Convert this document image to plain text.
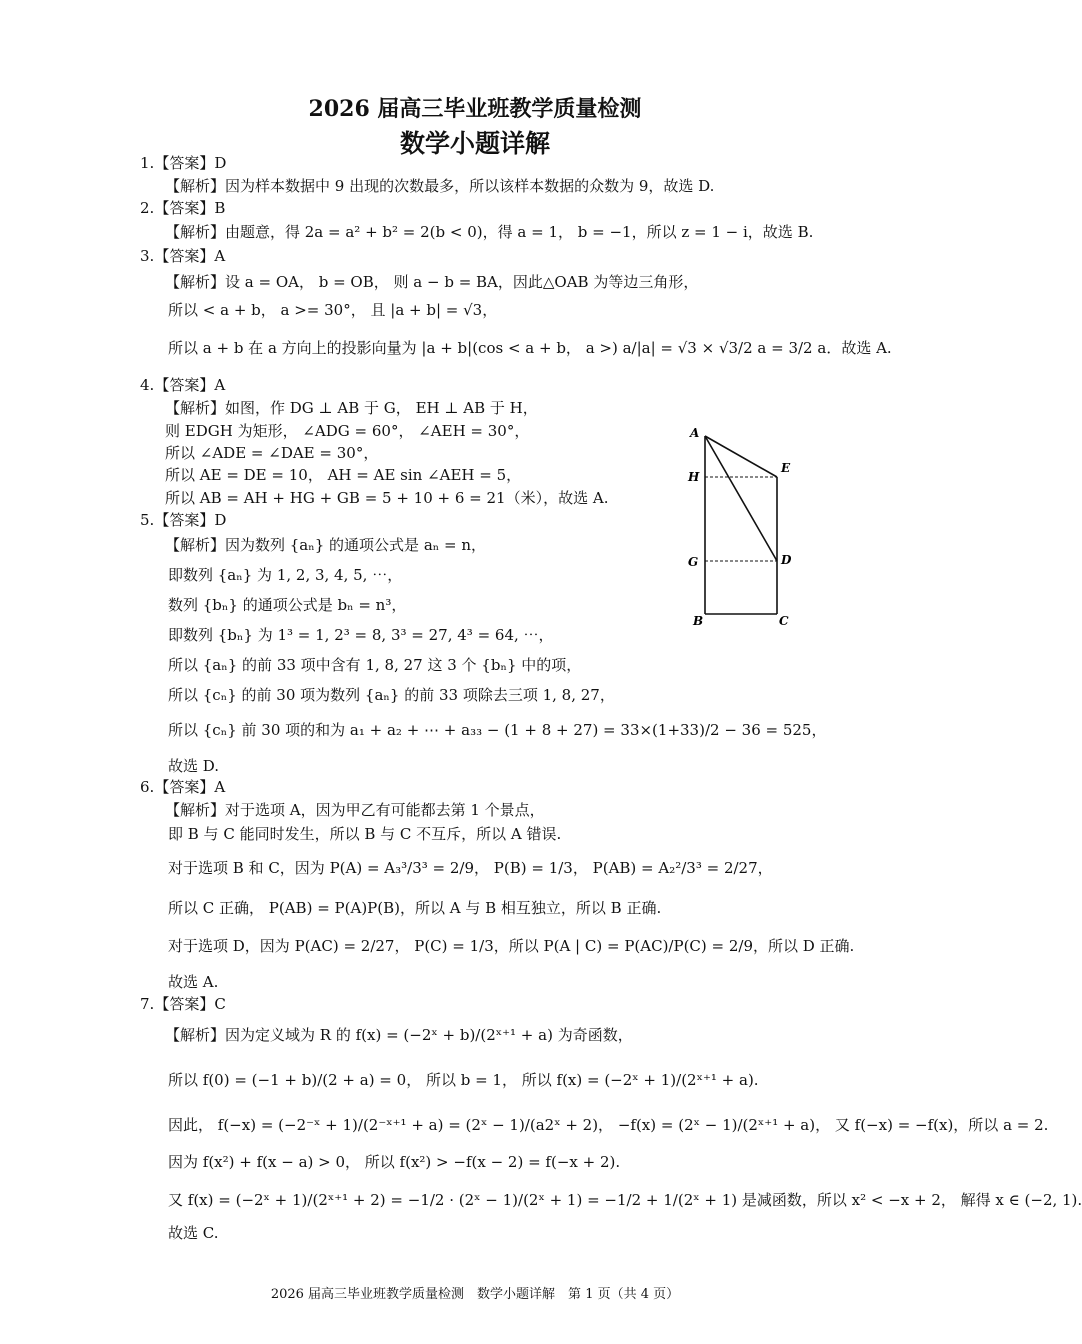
2026 届高三毕业班教学质量检测
数学小题详解
1.【答案】D
【解析】因为样本数据中 9 出现的次数最多，所以该样本数据的众数为 9，故选 D.
2.【答案】B
【解析】由题意，得 2a = a² + b² = 2(b < 0)，得 a = 1， b = −1，所以 z = 1 − i，故选 B.
3.【答案】A
【解析】设 a = OA， b = OB， 则 a − b = BA，因此△OAB 为等边三角形，
所以 < a + b， a >= 30°， 且 |a + b| = √3，
所以 a + b 在 a 方向上的投影向量为 |a + b|(cos < a + b， a >) a/|a| = √3 × √3/2 a = 3/2 a．故选 A.
4.【答案】A
【解析】如图，作 DG ⊥ AB 于 G， EH ⊥ AB 于 H，
则 EDGH 为矩形， ∠ADG = 60°， ∠AEH = 30°，
所以 ∠ADE = ∠DAE = 30°，
所以 AE = DE = 10， AH = AE sin ∠AEH = 5，
所以 AB = AH + HG + GB = 5 + 10 + 6 = 21（米），故选 A.
5.【答案】D
【解析】因为数列 {aₙ} 的通项公式是 aₙ = n，
即数列 {aₙ} 为 1, 2, 3, 4, 5, ⋯，
数列 {bₙ} 的通项公式是 bₙ = n³，
即数列 {bₙ} 为 1³ = 1, 2³ = 8, 3³ = 27, 4³ = 64, ⋯，
所以 {aₙ} 的前 33 项中含有 1, 8, 27 这 3 个 {bₙ} 中的项，
所以 {cₙ} 的前 30 项为数列 {aₙ} 的前 33 项除去三项 1, 8, 27，
所以 {cₙ} 前 30 项的和为 a₁ + a₂ + ⋯ + a₃₃ − (1 + 8 + 27) = 33×(1+33)/2 − 36 = 525，
故选 D.
6.【答案】A
【解析】对于选项 A，因为甲乙有可能都去第 1 个景点，
即 B 与 C 能同时发生，所以 B 与 C 不互斥，所以 A 错误.
对于选项 B 和 C，因为 P(A) = A₃³/3³ = 2/9， P(B) = 1/3， P(AB) = A₂²/3³ = 2/27，
所以 C 正确， P(AB) = P(A)P(B)，所以 A 与 B 相互独立，所以 B 正确.
对于选项 D，因为 P(AC) = 2/27， P(C) = 1/3，所以 P(A | C) = P(AC)/P(C) = 2/9，所以 D 正确.
故选 A.
7.【答案】C
【解析】因为定义域为 R 的 f(x) = (−2ˣ + b)/(2ˣ⁺¹ + a) 为奇函数，
所以 f(0) = (−1 + b)/(2 + a) = 0， 所以 b = 1， 所以 f(x) = (−2ˣ + 1)/(2ˣ⁺¹ + a).
因此， f(−x) = (−2⁻ˣ + 1)/(2⁻ˣ⁺¹ + a) = (2ˣ − 1)/(a2ˣ + 2)， −f(x) = (2ˣ − 1)/(2ˣ⁺¹ + a)， 又 f(−x) = −f(x)，所以 a = 2.
因为 f(x²) + f(x − a) > 0， 所以 f(x²) > −f(x − 2) = f(−x + 2).
又 f(x) = (−2ˣ + 1)/(2ˣ⁺¹ + 2) = −1/2 · (2ˣ − 1)/(2ˣ + 1) = −1/2 + 1/(2ˣ + 1) 是减函数，所以 x² < −x + 2， 解得 x ∈ (−2, 1).
故选 C.
A
H
G
B
E
D
C
2026 届高三毕业班教学质量检测　数学小题详解　第 1 页（共 4 页）
